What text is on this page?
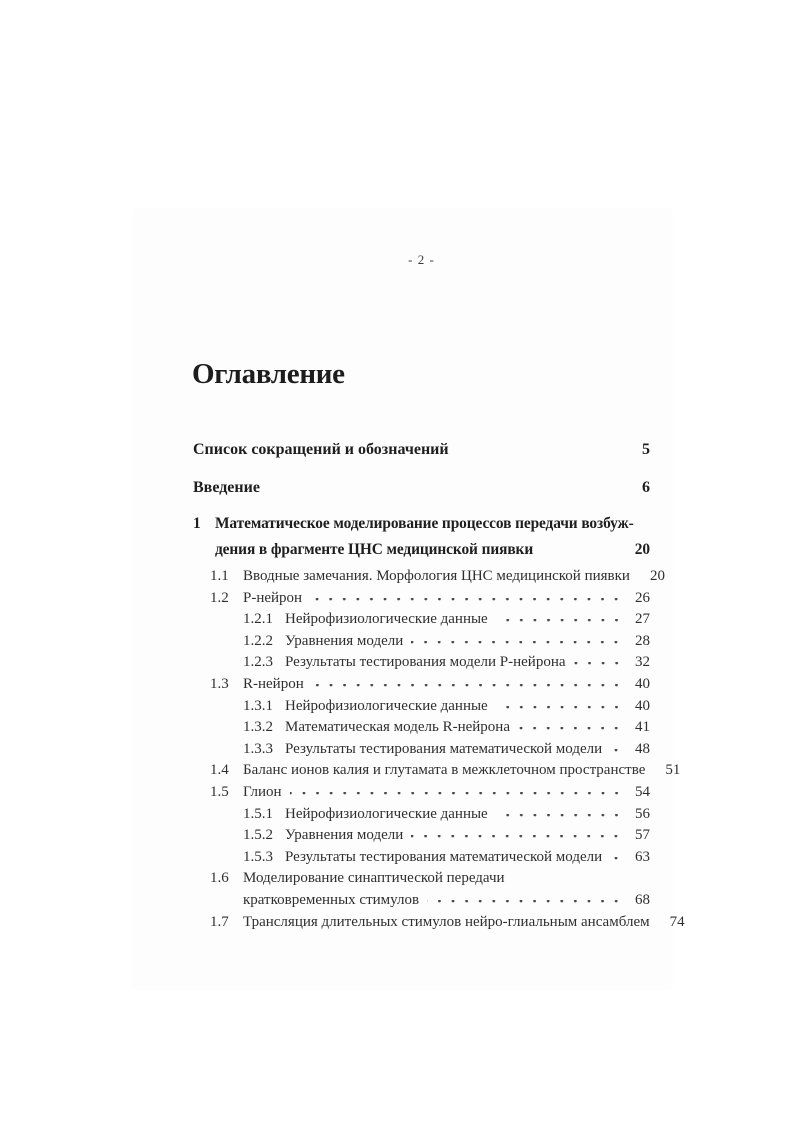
- 2 -
Оглавление
Список сокращений и обозначений	5
Введение	6
1 Математическое моделирование процессов передачи возбуж-
дения в фрагменте ЦНС медицинской пиявки	20
1.1 Вводные замечания. Морфология ЦНС медицинской пиявки	20
1.2 P-нейрон	26
1.2.1 Нейрофизиологические данные	27
1.2.2 Уравнения модели	28
1.2.3 Результаты тестирования модели P-нейрона	32
1.3 R-нейрон	40
1.3.1 Нейрофизиологические данные	40
1.3.2 Математическая модель R-нейрона	41
1.3.3 Результаты тестирования математической модели	48
1.4 Баланс ионов калия и глутамата в межклеточном пространстве	51
1.5 Глион	54
1.5.1 Нейрофизиологические данные	56
1.5.2 Уравнения модели	57
1.5.3 Результаты тестирования математической модели	63
1.6 Моделирование синаптической передачи
кратковременных стимулов	68
1.7 Трансляция длительных стимулов нейро-глиальным ансамблем	74
